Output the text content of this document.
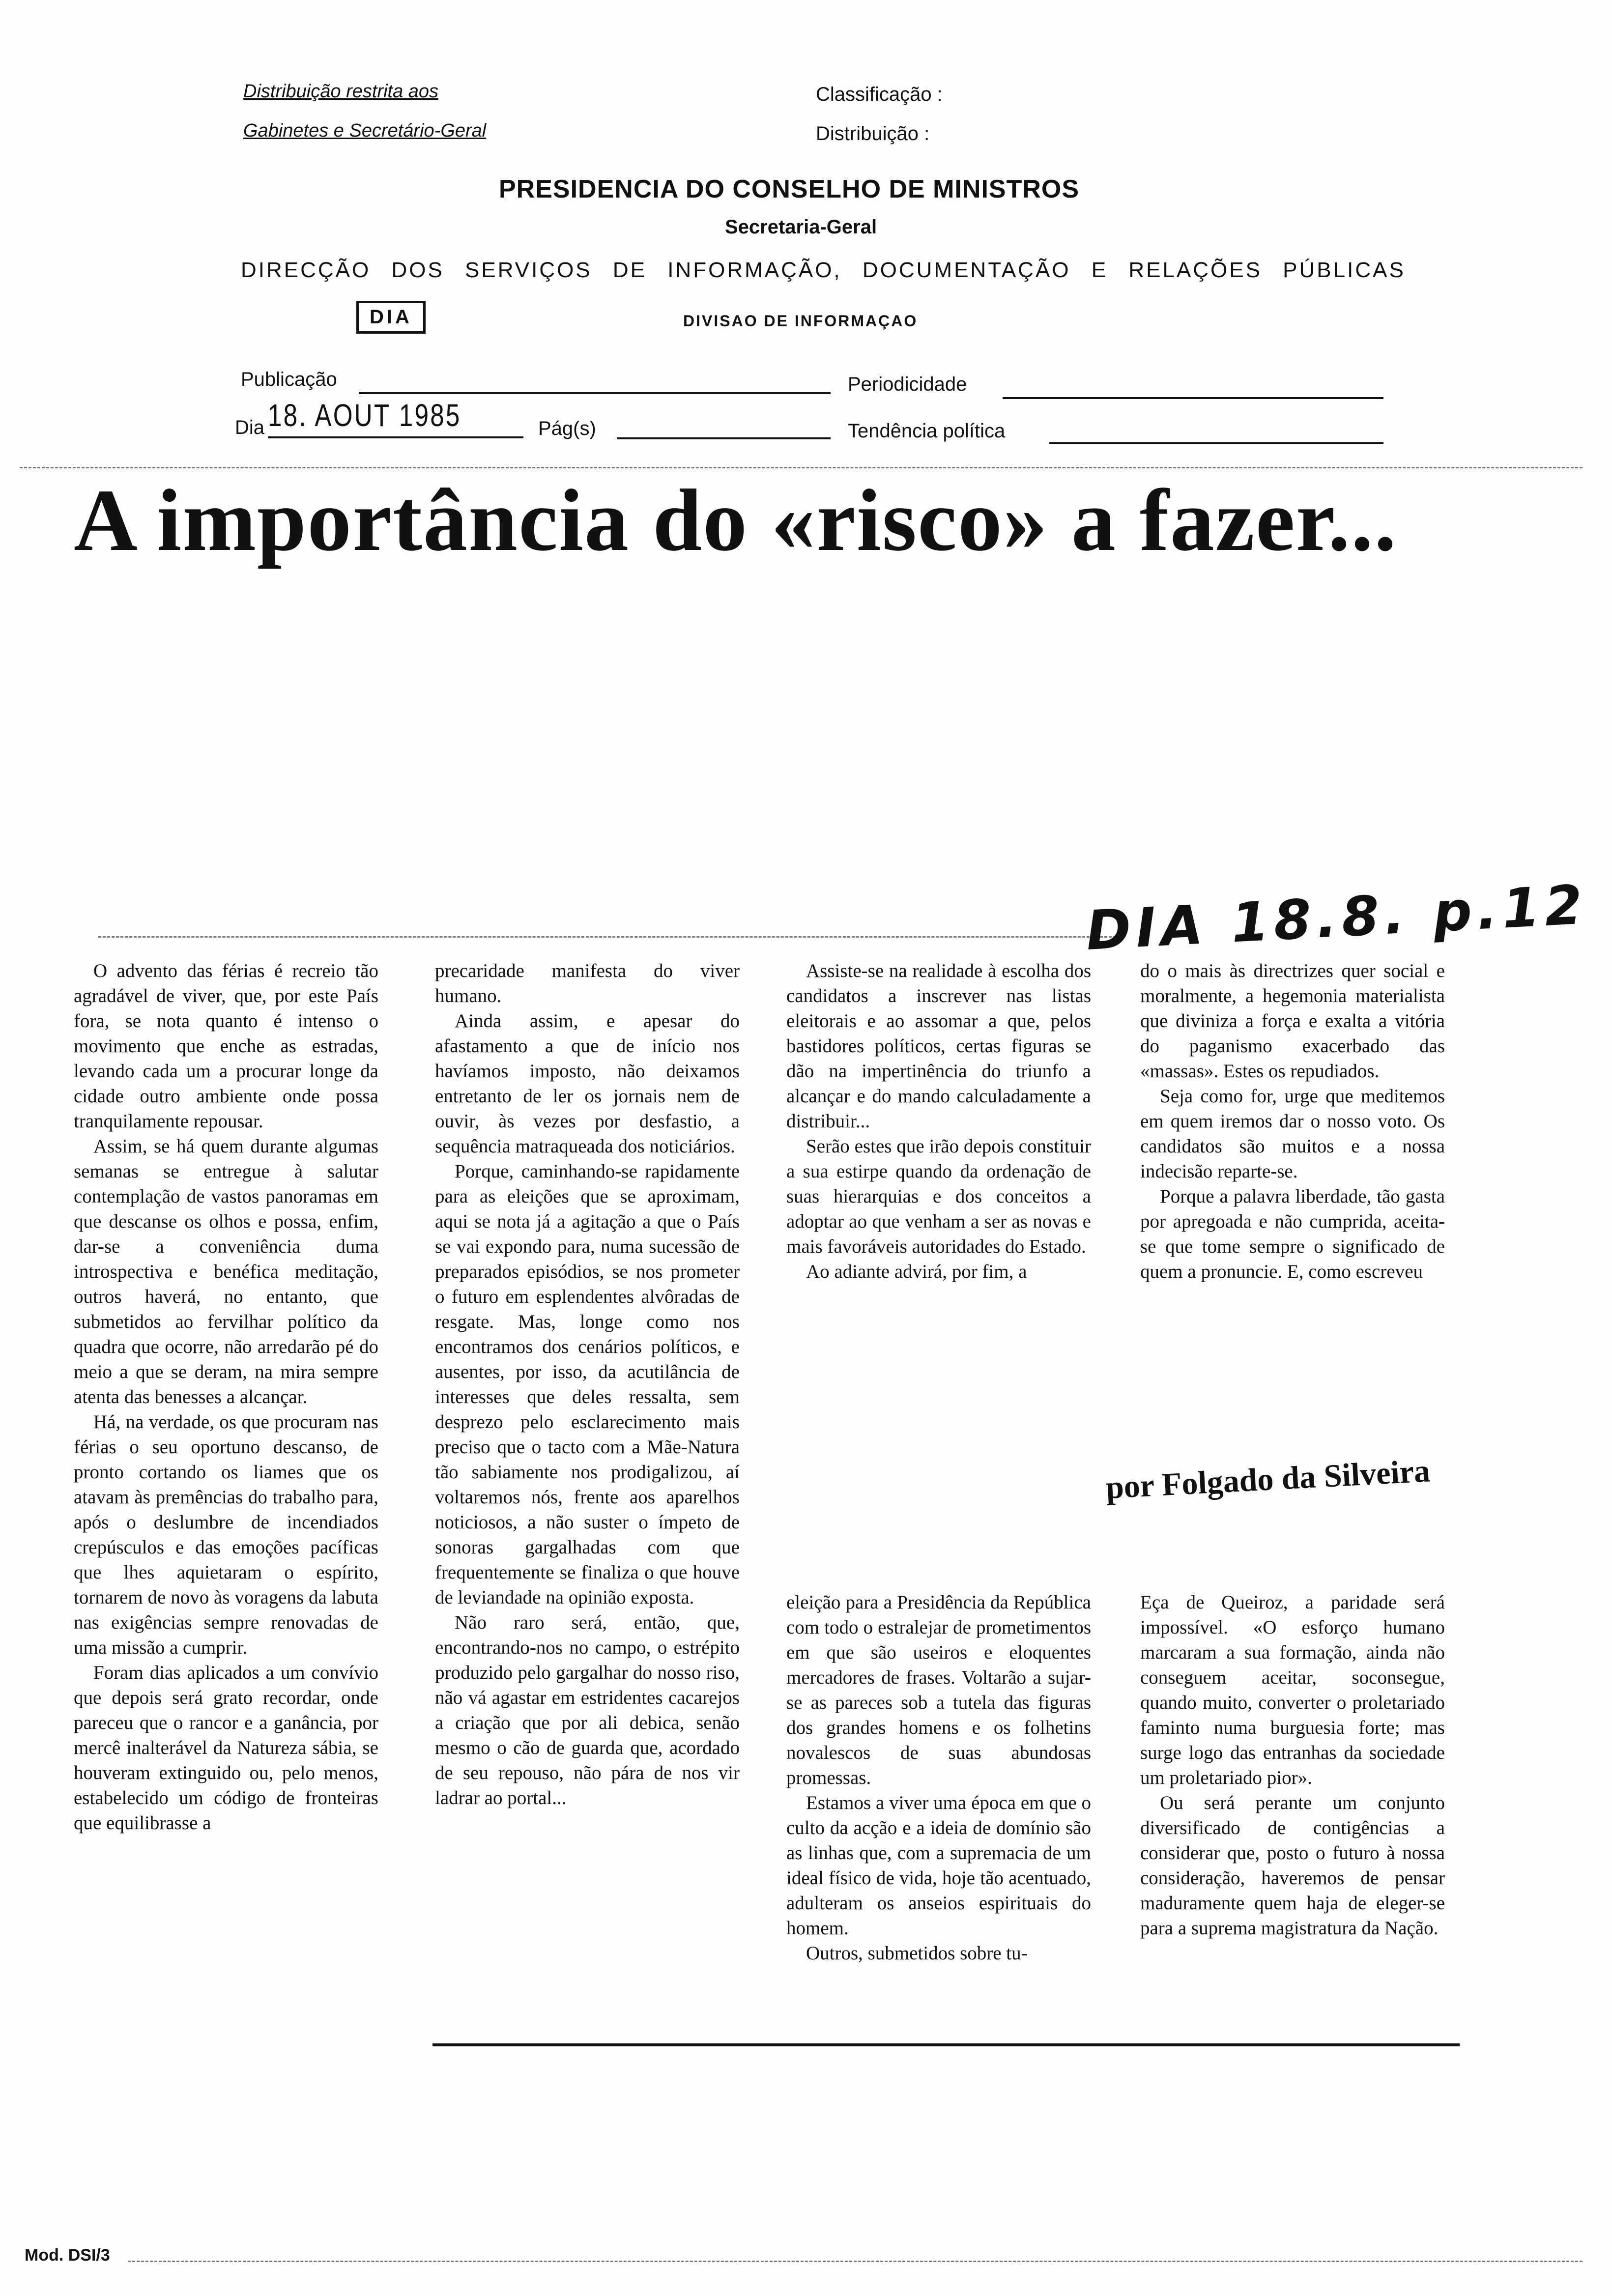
Distribuição restrita aos
Gabinetes e Secretário-Geral
Classificação :
Distribuição :
PRESIDENCIA DO CONSELHO DE MINISTROS
Secretaria-Geral
DIRECÇÃO DOS SERVIÇOS DE INFORMAÇÃO, DOCUMENTAÇÃO E RELAÇÕES PÚBLICAS
DIA	DIVISAO DE INFORMAÇAO
Publicação	Periodicidade
Dia 18. AOUT 1985	Pág(s)	Tendência política
A importância do «risco» a fazer...
DIA 18.8. p.12

O advento das férias é recreio tão agradável de viver, que, por este País fora, se nota quanto é intenso o movimento que enche as estradas, levando cada um a procurar longe da cidade outro ambiente onde possa tranquilamente repousar.

Assim, se há quem durante algumas semanas se entregue à salutar contemplação de vastos panoramas em que descanse os olhos e possa, enfim, dar-se a conveniência duma introspectiva e benéfica meditação, outros haverá, no entanto, que submetidos ao fervilhar político da quadra que ocorre, não arredarão pé do meio a que se deram, na mira sempre atenta das benesses a alcançar.

Há, na verdade, os que procuram nas férias o seu oportuno descanso, de pronto cortando os liames que os atavam às premências do trabalho para, após o deslumbre de incendiados crepúsculos e das emoções pacíficas que lhes aquietaram o espírito, tornarem de novo às voragens da labuta nas exigências sempre renovadas de uma missão a cumprir.

Foram dias aplicados a um convívio que depois será grato recordar, onde pareceu que o rancor e a ganância, por mercê inalterável da Natureza sábia, se houveram extinguido ou, pelo menos, estabelecido um código de fronteiras que equilibrasse a

precaridade manifesta do viver humano.

Ainda assim, e apesar do afastamento a que de início nos havíamos imposto, não deixamos entretanto de ler os jornais nem de ouvir, às vezes por desfastio, a sequência matraqueada dos noticiários.

Porque, caminhando-se rapidamente para as eleições que se aproximam, aqui se nota já a agitação a que o País se vai expondo para, numa sucessão de preparados episódios, se nos prometer o futuro em esplendentes alvôradas de resgate. Mas, longe como nos encontramos dos cenários políticos, e ausentes, por isso, da acutilância de interesses que deles ressalta, sem desprezo pelo esclarecimento mais preciso que o tacto com a Mãe-Natura tão sabiamente nos prodigalizou, aí voltaremos nós, frente aos aparelhos noticiosos, a não suster o ímpeto de sonoras gargalhadas com que frequentemente se finaliza o que houve de leviandade na opinião exposta.

Não raro será, então, que, encontrando-nos no campo, o estrépito produzido pelo gargalhar do nosso riso, não vá agastar em estridentes cacarejos a criação que por ali debica, senão mesmo o cão de guarda que, acordado de seu repouso, não pára de nos vir ladrar ao portal...

Assiste-se na realidade à escolha dos candidatos a inscrever nas listas eleitorais e ao assomar a que, pelos bastidores políticos, certas figuras se dão na impertinência do triunfo a alcançar e do mando calculadamente a distribuir...

Serão estes que irão depois constituir a sua estirpe quando da ordenação de suas hierarquias e dos conceitos a adoptar ao que venham a ser as novas e mais favoráveis autoridades do Estado.

Ao adiante advirá, por fim, a

do o mais às directrizes quer social e moralmente, a hegemonia materialista que diviniza a força e exalta a vitória do paganismo exacerbado das «massas». Estes os repudiados.

Seja como for, urge que meditemos em quem iremos dar o nosso voto. Os candidatos são muitos e a nossa indecisão reparte-se.

Porque a palavra liberdade, tão gasta por apregoada e não cumprida, aceita-se que tome sempre o significado de quem a pronuncie. E, como escreveu

por Folgado da Silveira

eleição para a Presidência da República com todo o estralejar de prometimentos em que são useiros e eloquentes mercadores de frases. Voltarão a sujar-se as pareces sob a tutela das figuras dos grandes homens e os folhetins novalescos de suas abundosas promessas.

Estamos a viver uma época em que o culto da acção e a ideia de domínio são as linhas que, com a supremacia de um ideal físico de vida, hoje tão acentuado, adulteram os anseios espirituais do homem.

Outros, submetidos sobre tu-

Eça de Queiroz, a paridade será impossível. «O esforço humano marcaram a sua formação, ainda não conseguem aceitar, soconsegue, quando muito, converter o proletariado faminto numa burguesia forte; mas surge logo das entranhas da sociedade um proletariado pior».

Ou será perante um conjunto diversificado de contigências a considerar que, posto o futuro à nossa consideração, haveremos de pensar maduramente quem haja de eleger-se para a suprema magistratura da Nação.

Mod. DSI/3
